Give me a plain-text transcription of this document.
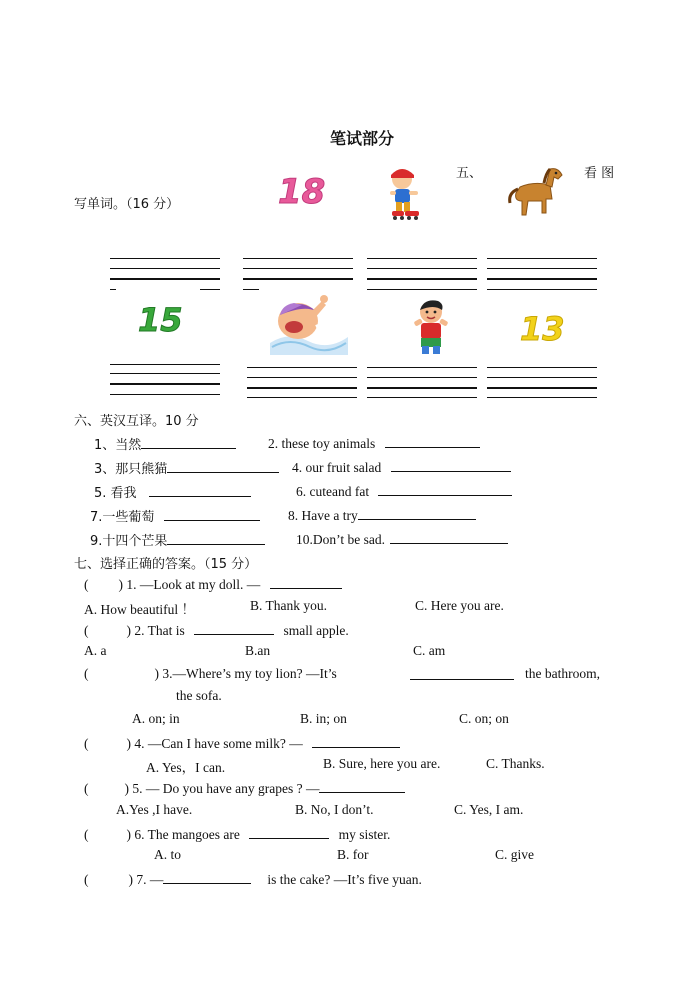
笔试部分
五、	看 图
写单词。（16 分）	18
15	13
六、英汉互译。10 分
1、当然	2. these toy animals
3、那只熊猫	4. our fruit salad
5. 看我	6. cuteand fat
7.一些葡萄	8. Have a try
9.十四个芒果	10.Don’t be sad.
七、选择正确的答案。（15 分）
( ) 1. —Look at my doll. —
A. How beautiful ！	B. Thank you.	C. Here you are.
(	) 2. That is	small apple.
A. a	B.an	C. am
(	) 3.—Where’s my toy lion? —It’s	the bathroom,
the sofa.
A. on; in	B. in; on	C. on; on
(	) 4. —Can I have some milk? —
A. Yes，I can.	B. Sure, here you are.	C. Thanks.
(	) 5. — Do you have any grapes ? —
A.Yes ,I have.	B. No, I don’t.	C. Yes, I am.
(	) 6. The mangoes are	my sister.
A. to	B. for	C. give
(	) 7. —	is the cake? —It’s five yuan.
